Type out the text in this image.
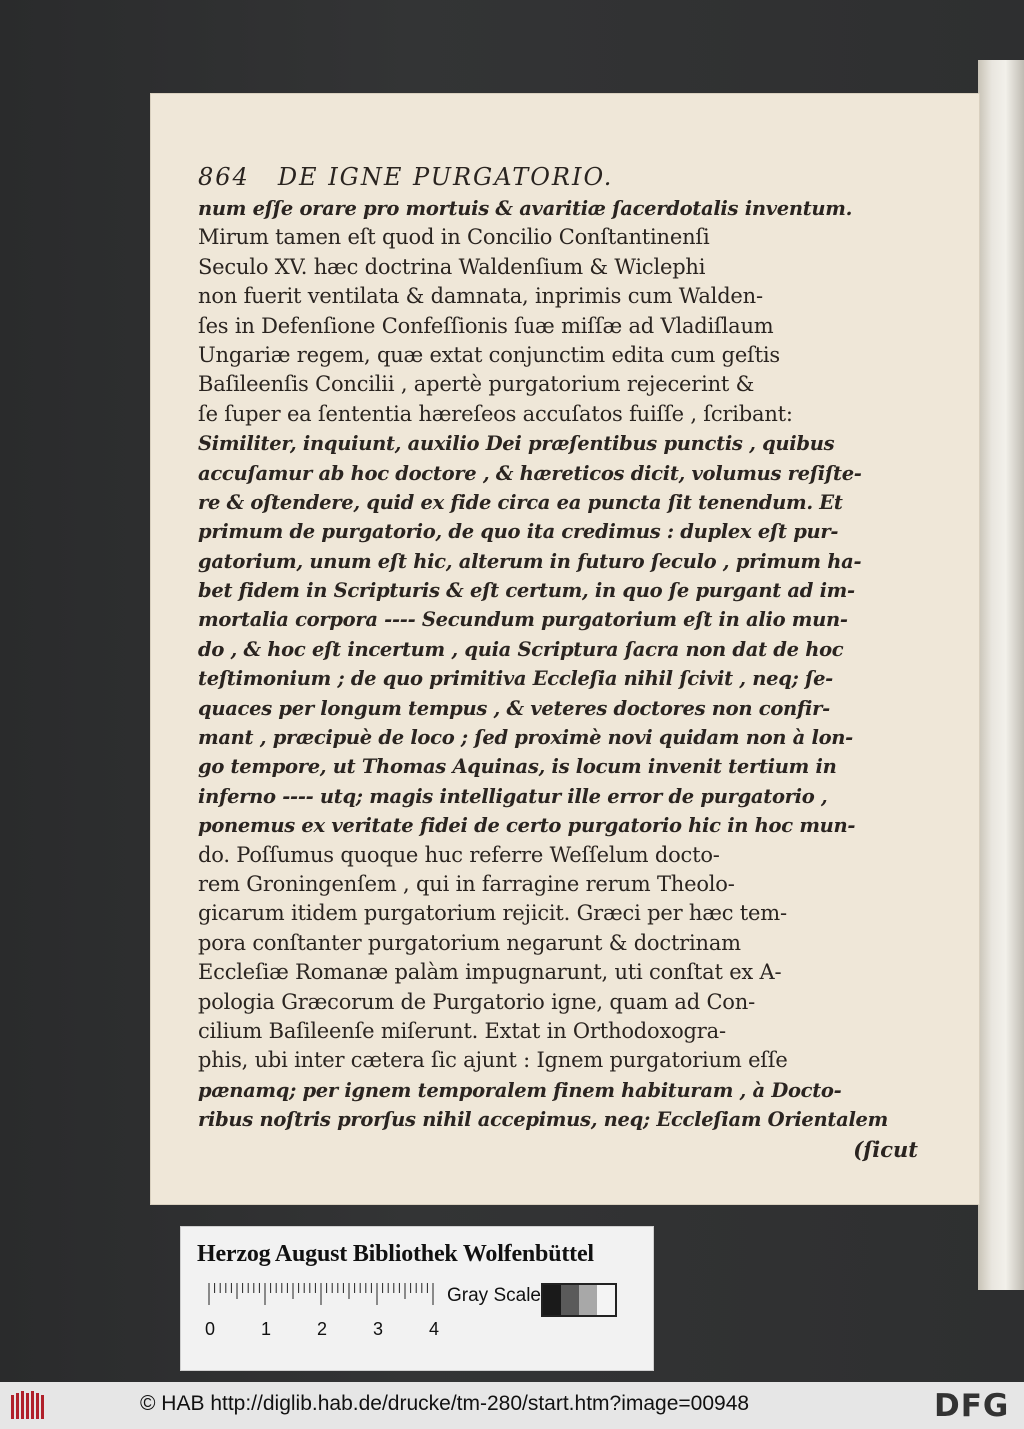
864 DE IGNE PURGATORIO.
num eſſe orare pro mortuis & avaritiæ ſacerdotalis inventum.
Mirum tamen eſt quod in Concilio Conſtantinenſi
Seculo XV. hæc doctrina Waldenſium & Wiclephi
non fuerit ventilata & damnata, inprimis cum Walden-
ſes in Defenſione Confeſſionis ſuæ miſſæ ad Vladiſlaum
Ungariæ regem, quæ extat conjunctim edita cum geſtis
Baſileenſis Concilii , apertè purgatorium rejecerint &
ſe ſuper ea ſententia hæreſeos accuſatos fuiſſe , ſcribant:
Similiter, inquiunt, auxilio Dei præſentibus punctis , quibus
accuſamur ab hoc doctore , & hæreticos dicit, volumus reſiſte-
re & oſtendere, quid ex fide circa ea puncta ſit tenendum. Et
primum de purgatorio, de quo ita credimus : duplex eſt pur-
gatorium, unum eſt hic, alterum in futuro ſeculo , primum ha-
bet fidem in Scripturis & eſt certum, in quo ſe purgant ad im-
mortalia corpora ---- Secundum purgatorium eſt in alio mun-
do , & hoc eſt incertum , quia Scriptura ſacra non dat de hoc
teſtimonium ; de quo primitiva Eccleſia nihil ſcivit , neq; ſe-
quaces per longum tempus , & veteres doctores non confir-
mant , præcipuè de loco ; ſed proximè novi quidam non à lon-
go tempore, ut Thomas Aquinas, is locum invenit tertium in
inferno ---- utq; magis intelligatur ille error de purgatorio ,
ponemus ex veritate fidei de certo purgatorio hic in hoc mun-
do. Poſſumus quoque huc referre Weſſelum docto-
rem Groningenſem , qui in farragine rerum Theolo-
gicarum itidem purgatorium rejicit. Græci per hæc tem-
pora conſtanter purgatorium negarunt & doctrinam
Eccleſiæ Romanæ palàm impugnarunt, uti conſtat ex A-
pologia Græcorum de Purgatorio igne, quam ad Con-
cilium Baſileenſe miſerunt. Extat in Orthodoxogra-
phis, ubi inter cætera ſic ajunt : Ignem purgatorium eſſe
pænamq; per ignem temporalem finem habituram , à Docto-
ribus noſtris prorſus nihil accepimus, neq; Eccleſiam Orientalem
(ſicut
Herzog August Bibliothek Wolfenbüttel
0	1	2	3	4
Gray Scale
© HAB http://diglib.hab.de/drucke/tm-280/start.htm?image=00948	DFG
